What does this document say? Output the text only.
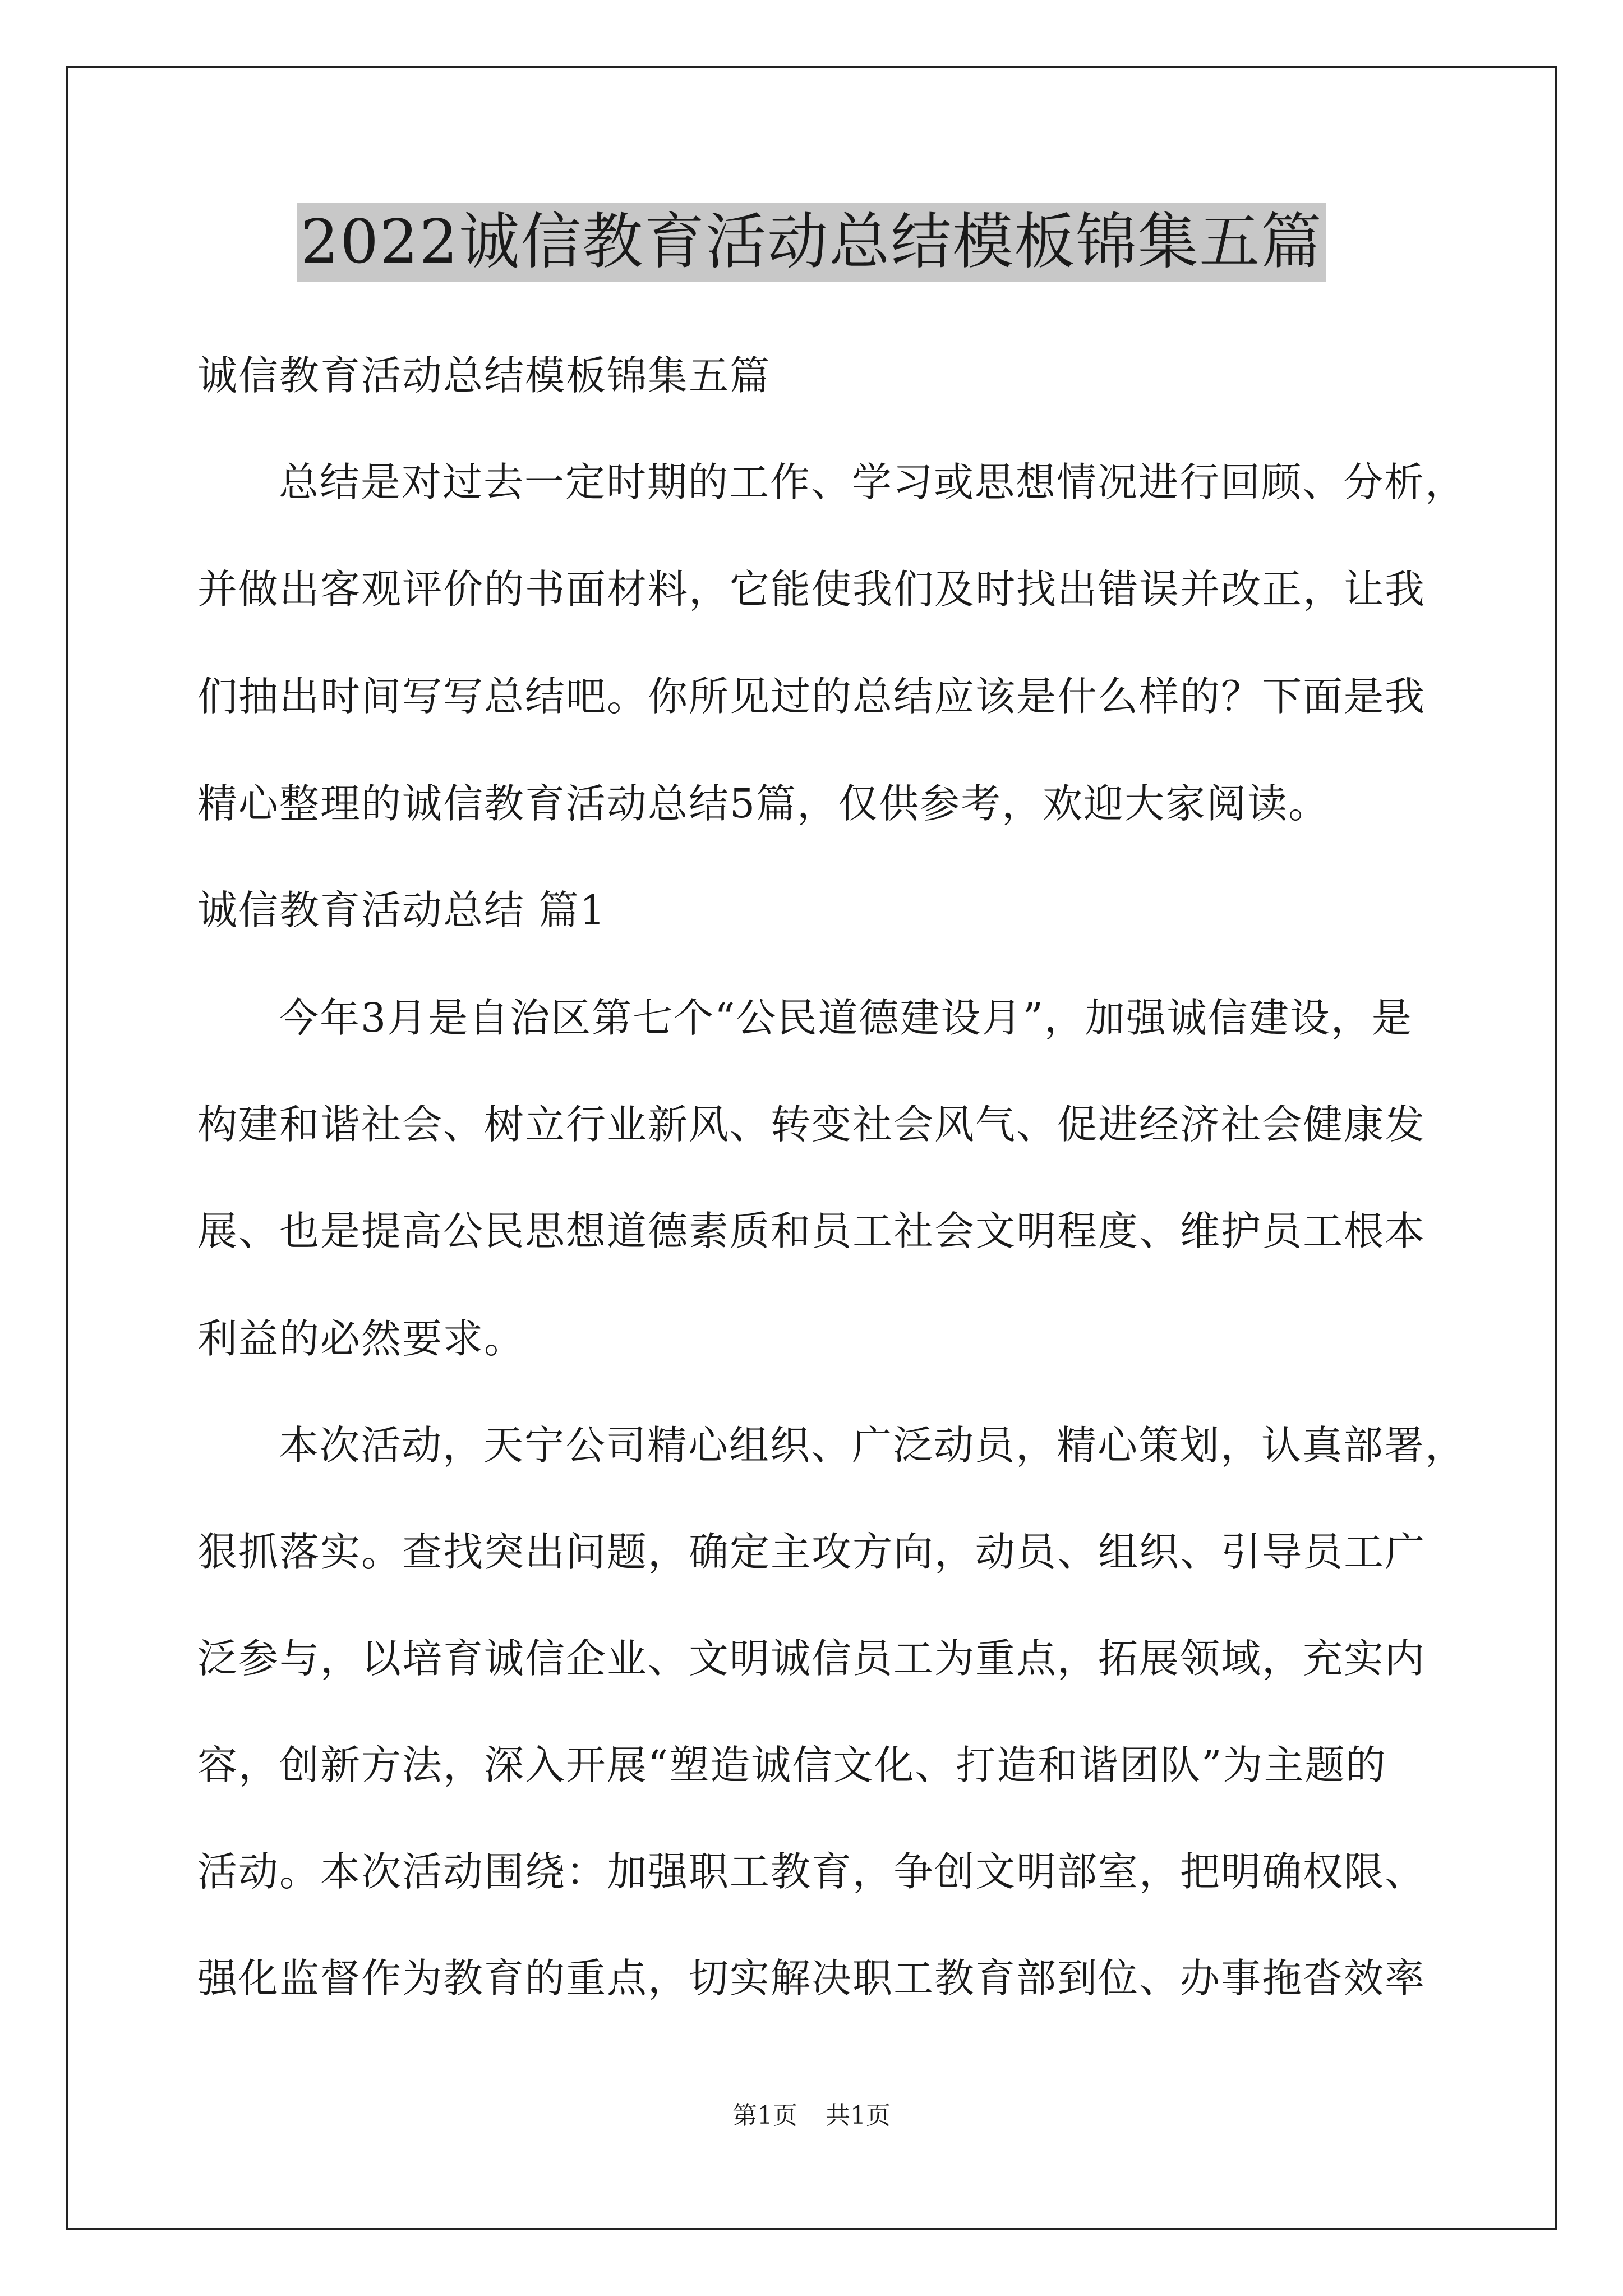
2022诚信教育活动总结模板锦集五篇
诚信教育活动总结模板锦集五篇
总结是对过去一定时期的工作、学习或思想情况进行回顾、分析，
并做出客观评价的书面材料，它能使我们及时找出错误并改正，让我
们抽出时间写写总结吧。你所见过的总结应该是什么样的？下面是我
精心整理的诚信教育活动总结5篇，仅供参考，欢迎大家阅读。
诚信教育活动总结 篇1
今年3月是自治区第七个“公民道德建设月”，加强诚信建设，是
构建和谐社会、树立行业新风、转变社会风气、促进经济社会健康发
展、也是提高公民思想道德素质和员工社会文明程度、维护员工根本
利益的必然要求。
本次活动，天宁公司精心组织、广泛动员，精心策划，认真部署，
狠抓落实。查找突出问题，确定主攻方向，动员、组织、引导员工广
泛参与，以培育诚信企业、文明诚信员工为重点，拓展领域，充实内
容，创新方法，深入开展“塑造诚信文化、打造和谐团队”为主题的
活动。本次活动围绕：加强职工教育，争创文明部室，把明确权限、
强化监督作为教育的重点，切实解决职工教育部到位、办事拖沓效率
第1页 共1页
